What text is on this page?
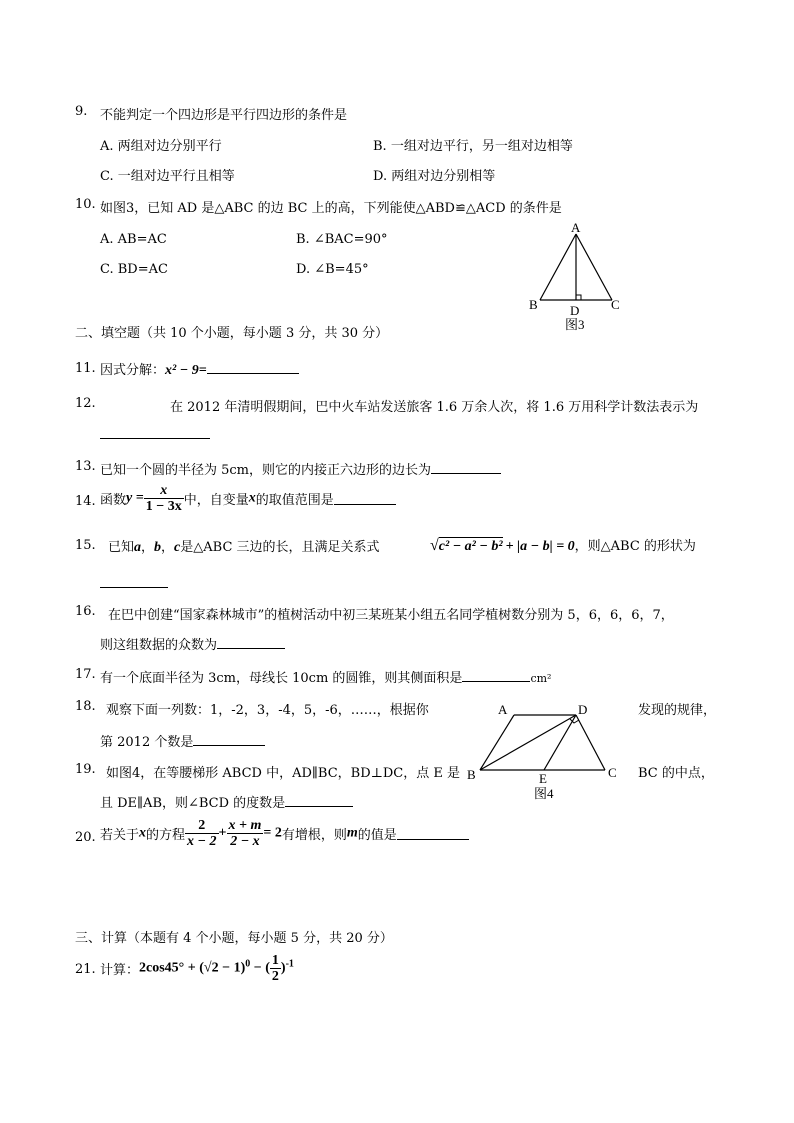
9. 不能判定一个四边形是平行四边形的条件是
A. 两组对边分别平行	B. 一组对边平行，另一组对边相等
C. 一组对边平行且相等	D. 两组对边分别相等
10. 如图3，已知 AD 是△ABC 的边 BC 上的高，下列能使△ABD≌△ACD 的条件是
A. AB=AC	B. ∠BAC=90°
C. BD=AC	D. ∠B=45°
A
B D C
图3
二、填空题（共 10 个小题，每小题 3 分，共 30 分）
11. 因式分解：x² − 9=
12.	在 2012 年清明假期间，巴中火车站发送旅客 1.6 万余人次，将 1.6 万用科学计数法表示为
13. 已知一个圆的半径为 5cm，则它的内接正六边形的边长为
14. 函数$y = \frac{x}{1 - 3x}$ 中，自变量x的取值范围是
15. 已知a，b，c是△ABC 三边的长，且满足关系式	√c² − a² − b² + |a − b| = 0，则△ABC 的形状为
16. 在巴中创建“国家森林城市”的植树活动中初三某班某小组五名同学植树数分别为 5，6，6，6，7，
则这组数据的众数为
17. 有一个底面半径为 3cm，母线长 10cm 的圆锥，则其侧面积是	cm²
18. 观察下面一列数：1，-2，3，-4，5，-6，……，根据你	发现的规律，
第 2012 个数是
A	D
B	E	C
图4
19. 如图4，在等腰梯形 ABCD 中，AD∥BC，BD⊥DC，点 E 是	BC 的中点，
且 DE∥AB，则∠BCD 的度数是
20. 若关于x的方程 $\frac{2}{x - 2} + \frac{x + m}{2 - x} = 2$有增根，则m的值是
三、计算（本题有 4 个小题，每小题 5 分，共 20 分）
21. 计算：$2\cos 45^\circ + (√2 - 1)^0$ − ( $\frac{1}{2} )^{-1}$
